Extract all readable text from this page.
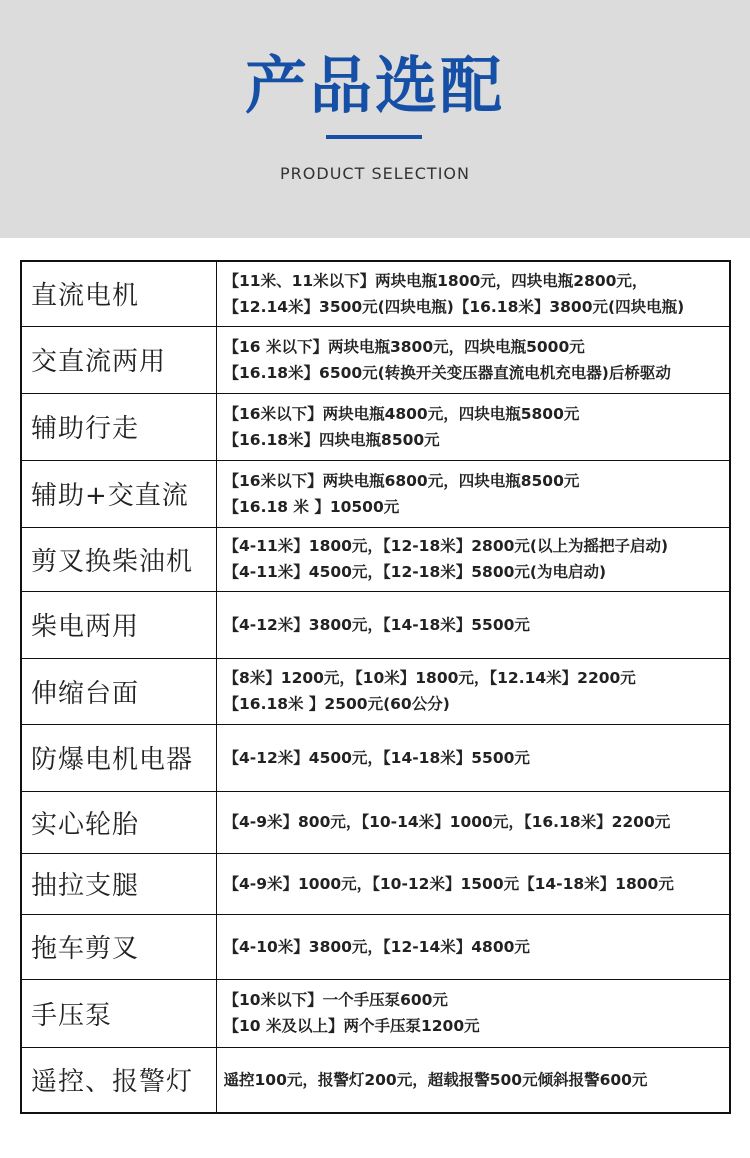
产品选配
PRODUCT SELECTION
直流电机	【11米、11米以下】两块电瓶1800元，四块电瓶2800元，
【12.14米】3500元(四块电瓶)【16.18米】3800元(四块电瓶)

交直流两用	【16 米以下】两块电瓶3800元，四块电瓶5000元
【16.18米】6500元(转换开关变压器直流电机充电器)后桥驱动

辅助行走	【16米以下】两块电瓶4800元，四块电瓶5800元
【16.18米】四块电瓶8500元

辅助+交直流	【16米以下】两块电瓶6800元，四块电瓶8500元
【16.18 米 】10500元

剪叉换柴油机	【4-11米】1800元，【12-18米】2800元(以上为摇把子启动)
【4-11米】4500元，【12-18米】5800元(为电启动)

柴电两用	【4-12米】3800元，【14-18米】5500元

伸缩台面	【8米】1200元，【10米】1800元，【12.14米】2200元
【16.18米 】2500元(60公分)

防爆电机电器	【4-12米】4500元，【14-18米】5500元

实心轮胎	【4-9米】800元，【10-14米】1000元，【16.18米】2200元

抽拉支腿	【4-9米】1000元，【10-12米】1500元【14-18米】1800元

拖车剪叉	【4-10米】3800元，【12-14米】4800元

手压泵	【10米以下】一个手压泵600元
【10 米及以上】两个手压泵1200元

遥控、报警灯	遥控100元，报警灯200元，超载报警500元倾斜报警600元
